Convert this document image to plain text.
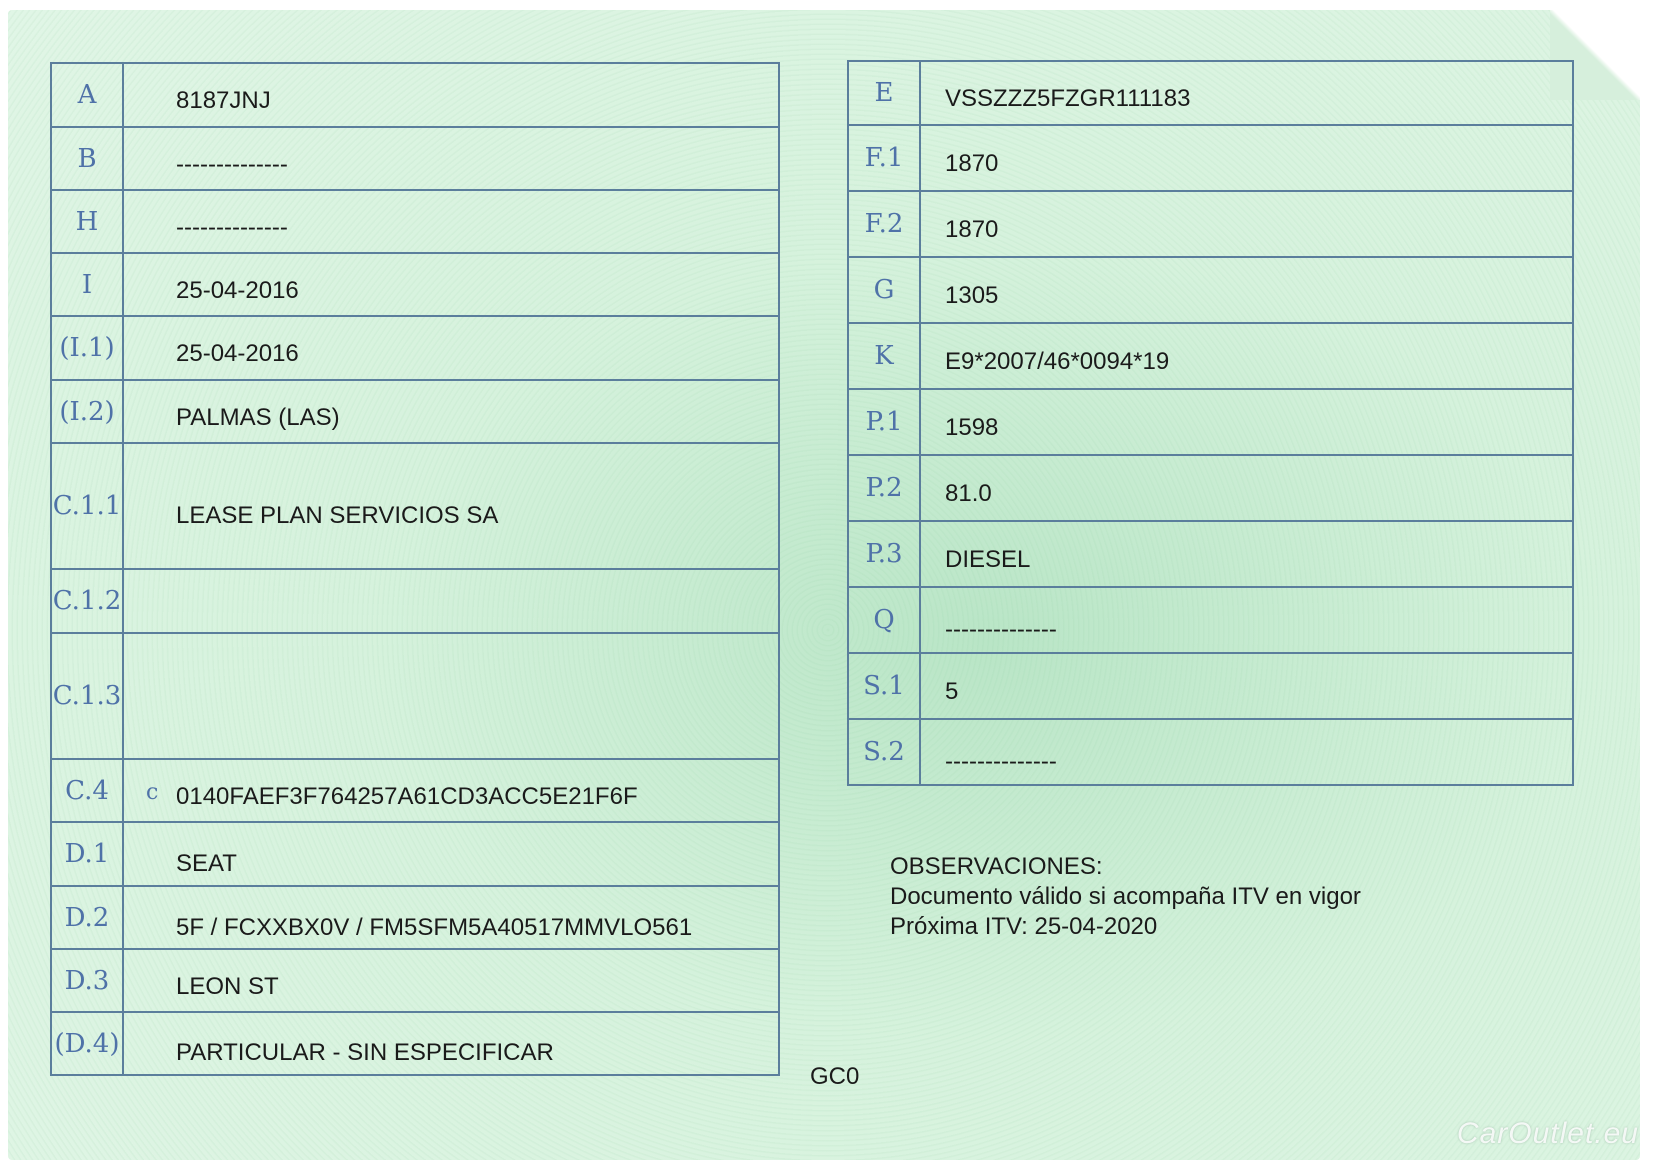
A	8187JNJ

B	--------------

H	--------------

I	25-04-2016

(I.1)	25-04-2016

(I.2)	PALMAS (LAS)

C.1.1	LEASE PLAN SERVICIOS SA

C.1.2	

C.1.3	

C.4	c 0140FAEF3F764257A61CD3ACC5E21F6F

D.1	SEAT

D.2	5F / FCXXBX0V / FM5SFM5A40517MMVLO561

D.3	LEON ST

(D.4)	PARTICULAR - SIN ESPECIFICAR
E	VSSZZZ5FZGR111183

F.1	1870

F.2	1870

G	1305

K	E9*2007/46*0094*19

P.1	1598

P.2	81.0

P.3	DIESEL

Q	--------------

S.1	5

S.2	--------------
OBSERVACIONES:
Documento válido si acompaña ITV en vigor
Próxima ITV: 25-04-2020
GC0
CarOutlet.eu
